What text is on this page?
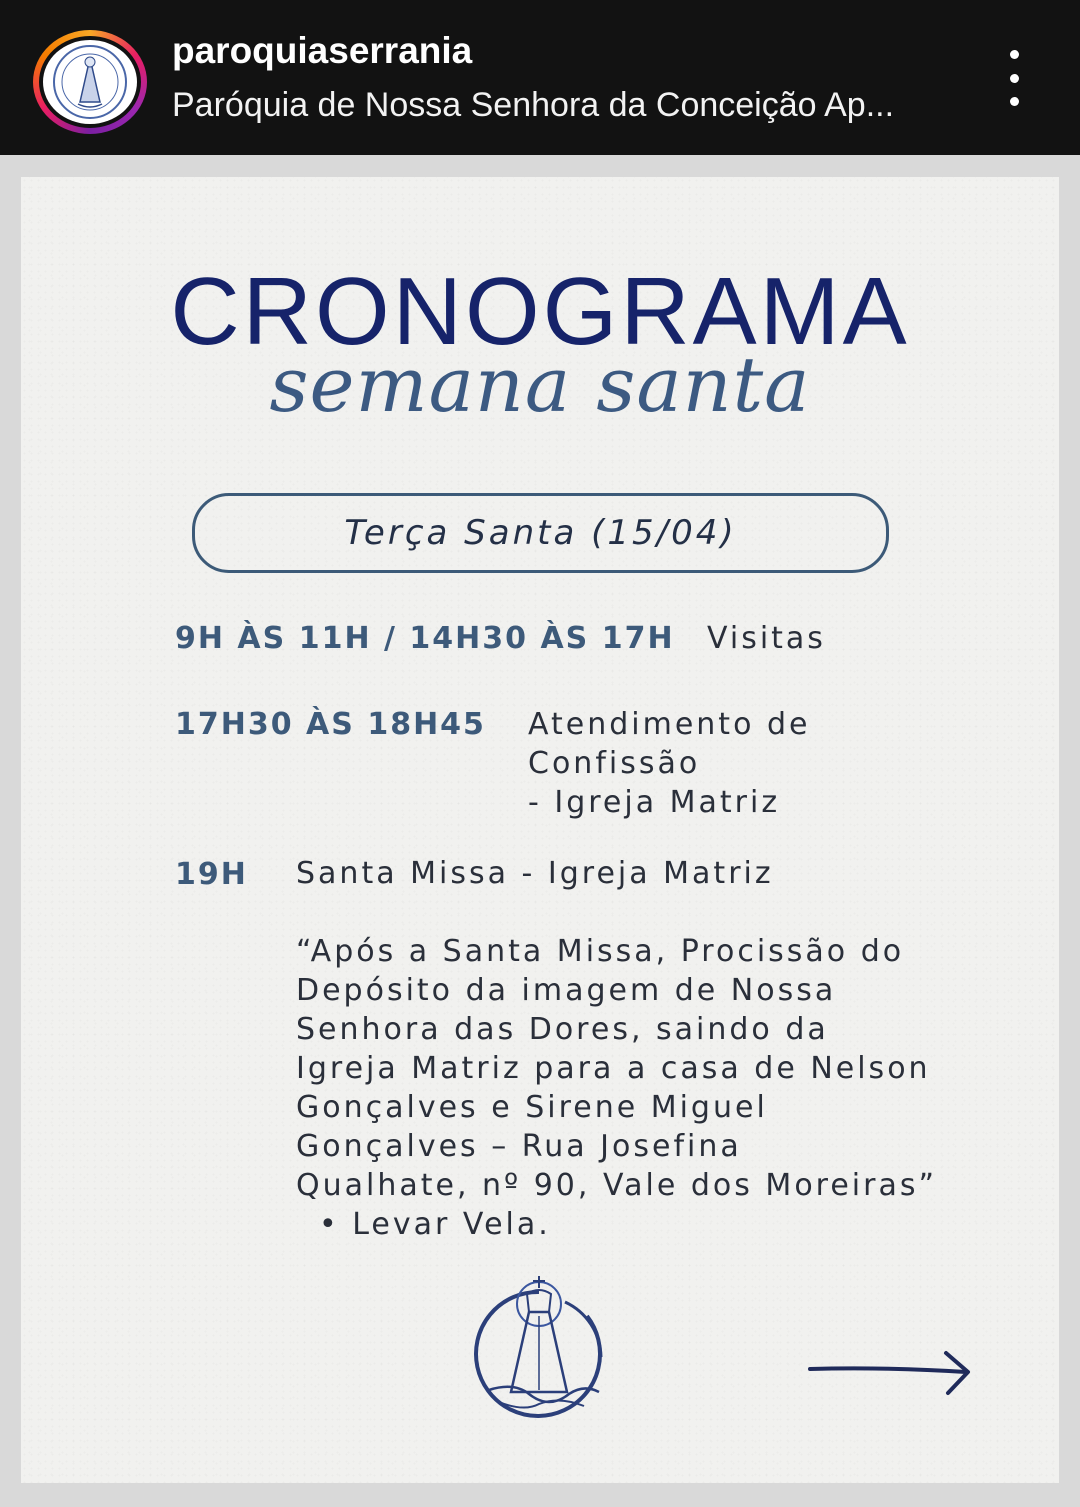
paroquiaserrania
Paróquia de Nossa Senhora da Conceição Ap...
CRONOGRAMA
semana santa
Terça Santa (15/04)
9H ÀS 11H / 14H30 ÀS 17H Visitas
17H30 ÀS 18H45 Atendimento de
Confissão
- Igreja Matriz
19H Santa Missa - Igreja Matriz
“Após a Santa Missa, Procissão do
Depósito da imagem de Nossa
Senhora das Dores, saindo da
Igreja Matriz para a casa de Nelson
Gonçalves e Sirene Miguel
Gonçalves – Rua Josefina
Qualhate, nº 90, Vale dos Moreiras”
• Levar Vela.
